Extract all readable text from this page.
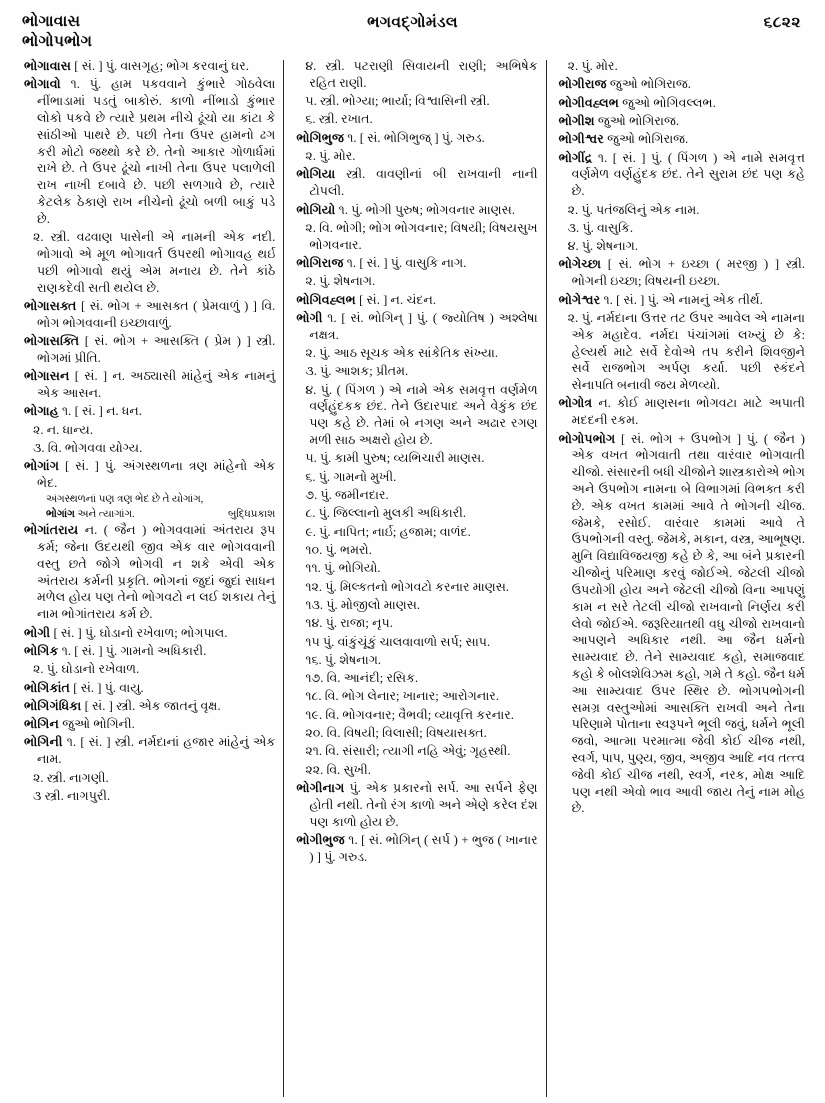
ભોગાવાસ
ભોગોપભોગ
ભગવદ્‌ગોમંડલ	૬૮૨૨

ભોગાવાસ [ સં. ] પું. વાસગૃહ; ભોગ કરવાનું ઘર.

ભોગાવો ૧. પું. હામ પકવવાને કુંભારે ગોઠવેલા નીંભાડામાં પડતું બાકોરું. કાળો નીંભાડો કુંભાર લોકો પકવે છે ત્યારે પ્રથમ નીચે ઢૂંચો યા કાંટા કે સાંઠીઓ પાથરે છે. પછી તેના ઉપર હામનો ઢગ કરી મોટો જથ્થો કરે છે. તેનો આકાર ગોળાર્ધમાં રાખે છે. તે ઉપર ઢૂંચો નાખી તેના ઉપર પલાળેલી રાખ નાખી દબાવે છે. પછી સળગાવે છે, ત્યારે કેટલેક ઠેકાણે રાખ નીચેનો ઢૂંચો બળી બાકું પડે છે.

૨. સ્ત્રી. વઢવાણ પાસેની એ નામની એક નદી. ભોગાવો એ મૂળ ભોગાવર્ત ઉપરથી ભોગાવહ થર્ઇ પછી ભોગાવો થયું એમ મનાય છે. તેને કાંઠે રાણકદેવી સતી થયેલ છે.

ભોગાસક્ત [ સં. ભોગ + આસક્ત ( પ્રેમવાળું ) ] વિ. ભોગ ભોગવવાની ઇચ્છાવાળું.

ભોગાસક્તિ [ સં. ભોગ + આસક્તિ ( પ્રેમ ) ] સ્ત્રી. ભોગમાં પ્રીતિ.

ભોગાસન [ સં. ] ન. અઠ્યાસી માંહેનું એક નામનું એક આસન.

ભોગાહ ૧. [ સં. ] ન. ધન.

૨. ન. ધાન્ય.

૩. વિ. ભોગવવા યોગ્ય.

ભોગાંગ [ સં. ] પું. અંગસ્થળના ત્રણ માંહેનો એક ભેદ.

અંગસ્થળનાં પણ ત્રણ ભેદ છે તે યોગાંગ,

ભોગાંગ અને ત્યાગાંગ.	બુદ્ધિપ્રકાશ

ભોગાંતરાય ન. ( જૈન ) ભોગવવામાં અંતરાય રૂપ કર્મ; જેના ઉદયથી જીવ એક વાર ભોગવવાની વસ્તુ છતે જોગે ભોગવી ન શકે એવી એક અંતરાય કર્મની પ્રકૃતિ. ભોગનાં જુદાં જુદાં સાધન મળેલ હોય પણ તેનો ભોગવટો ન લઈ શકાય તેનું નામ ભોગાંતરાય કર્મ છે.

ભોગી [ સં. ] પું. ઘોડાનો રખેવાળ; ભોગપાલ.

ભોગિક ૧. [ સં. ] પું. ગામનો અધિકારી.

૨. પું. ઘોડાનો રખેવાળ.

ભોગિકાંત [ સં. ] પું. વાયુ.

ભોગિગંધિકા [ સં. ] સ્ત્રી. એક જાતનું વૃક્ષ.

ભોગિન જુઓ ભોગિની.

ભોગિની ૧. [ સં. ] સ્ત્રી. નર્મદાનાં હજાર માંહેનું એક નામ.

૨. સ્ત્રી. નાગણી.

૩ સ્ત્રી. નાગપુરી.

૪. સ્ત્રી. પટરાણી સિવાયની રાણી; અભિષેક રહિત રાણી.

૫. સ્ત્રી. ભોગ્યા; ભાર્યા; વિશ્વાસિની સ્ત્રી.

૬. સ્ત્રી. રખાત.

ભોગિભુજ ૧. [ સં. ભોગિભુજ્‌ ] પું. ગરુડ.

૨. પું. મોર.

ભોગિયા સ્ત્રી. વાવણીનાં બી રાખવાની નાની ટોપલી.

ભોગિયો ૧. પું. ભોગી પુરુષ; ભોગવનાર માણસ.

૨. વિ. ભોગી; ભોગ ભોગવનાર; વિષયી; વિષયસુખ ભોગવનાર.

ભોગિરાજ ૧. [ સં. ] પું. વાસુકિ નાગ.

૨. પું. શેષનાગ.

ભોગિવહ્લભ [ સં. ] ન. ચંદન.

ભોગી ૧. [ સં. ભોગિન્‌ ] પું. ( જ્યોતિષ ) અશ્લેષા નક્ષત્ર.

૨. પું. આઠ સૂચક એક સાંકેતિક સંખ્યા.

૩. પું. આશક; પ્રીતમ.

૪. પું. ( પિંગળ ) એ નામે એક સમવૃત્ત વર્ણમેળ વર્ણહુંદકક છંદ. તેને ઉદારપાદ અને વેકુંક છંદ પણ કહે છે. તેમાં બે નગણ અને અઢાર રગણ મળી સાઠ અક્ષરો હોય છે.

૫. પું. કામી પુરુષ; વ્યભિચારી માણસ.

૬. પું. ગામનો મુખી.

૭. પું. જમીનદાર.

૮. પું. જિલ્લાનો મુલકી અધિકારી.

૯. પું. નાપિત; નાર્ઇ; હજામ; વાળંદ.

૧૦. પું. ભમરો.

૧૧. પું. ભોગિયો.

૧૨. પું. મિલ્કતનો ભોગવટો કરનાર માણસ.

૧૩. પું. મોજીલો માણસ.

૧૪. પું. રાજા; નૃપ.

૧૫ પું. વાંકુંચૂંકું ચાલવાવાળો સર્પ; સાપ.

૧૬. પું. શેષનાગ.

૧૭. વિ. આનંદી; રસિક.

૧૮. વિ. ભોગ લેનાર; ખાનાર; આરોગનાર.

૧૯. વિ. ભોગવનાર; વૈભવી; વ્યાવૃત્તિ કરનાર.

૨૦. વિ. વિષયી; વિલાસી; વિષયાસક્ત.

૨૧. વિ. સંસારી; ત્યાગી નહિ એવું; ગૃહસ્થી.

૨૨. વિ. સુખી.

ભોગીનાગ પું. એક પ્રકારનો સર્પ. આ સર્પને ફેણ હોતી નથી. તેનો રંગ કાળો અને એણે કરેલ દંશ પણ કાળો હોય છે.

ભોગીભુજ ૧. [ સં. ભોગિન્‌ ( સર્પ ) + ભુજ ( ખાનાર ) ] પું. ગરુડ.

૨. પું. મોર.

ભોગીરાજ જુઓ ભોગિરાજ.

ભોગીવહ્લભ જુઓ ભોગિવલ્લભ.

ભોગીશ જુઓ ભોગિરાજ.

ભોગીશ્વર જુઓ ભોગિરાજ.

ભોગીંદ્ર ૧. [ સં. ] પું. ( પિંગળ ) એ નામે સમવૃત્ત વર્ણમેળ વર્ણહુંદક છંદ. તેને સુરામ છંદ પણ કહે છે.

૨. પું. પતંજલિનું એક નામ.

૩. પું. વાસુકિ.

૪. પું. શેષનાગ.

ભોગેચ્છા [ સં. ભોગ + ઇચ્છા ( મરજી ) ] સ્ત્રી. ભોગની ઇચ્છા; વિષયની ઇચ્છા.

ભોગેશ્વર ૧. [ સં. ] પું. એ નામનું એક તીર્થ.

૨. પું. નર્મદાના ઉત્તર તટ ઉપર આવેલ એ નામના એક મહાદેવ. નર્મદા પંચાંગમાં લખ્યું છે કે: હેલ્યર્થ માટે સર્વે દેવોએ તપ કરીને શિવજીને સર્વે રાજભોગ અર્પણ કર્યા. પછી સ્કંદને સેનાપતિ બનાવી જય મેળવ્યો.

ભોગોત્ર ન. કોઈ માણસના ભોગવટા માટે અપાતી મદદની રકમ.

ભોગોપભોગ [ સં. ભોગ + ઉપભોગ ] પું. ( જૈન ) એક વખત ભોગવાતી તથા વારંવાર ભોગવાતી ચીજો. સંસારની બધી ચીજોને શાસ્ત્રકારોએ ભોગ અને ઉપભોગ નામના બે વિભાગમાં વિભક્ત કરી છે. એક વખત કામમાં આવે તે ભોગની ચીજ. જેમકે, રસોઈ. વારંવાર કામમાં આવે તે ઉપભોગની વસ્તુ. જેમકે, મકાન, વસ્ત્ર, આભૂષણ. મુનિ વિદ્યાવિજયજી કહે છે કે, આ બંને પ્રકારની ચીજોનું પરિમાણ કરવું જોઈએ. જેટલી ચીજો ઉપયોગી હોય અને જેટલી ચીજો વિના આપણું કામ ન સરે તેટલી ચીજો રાખવાનો નિર્ણય કરી લેવો જોઈએ. જરૂરિયાતથી વધુ ચીજો રાખવાનો આપણને અધિકાર નથી. આ જૈન ધર્મનો સામ્યવાદ છે. તેને સામ્યવાદ કહો, સમાજવાદ કહો કે બોલશેવિઝમ કહો, ગમે તે કહો. જૈન ધર્મ આ સામ્યવાદ ઉપર સ્થિર છે. ભોગપભોગની સમગ્ર વસ્તુઓમાં આસક્તિ રાખવી અને તેના પરિણામે પોતાના સ્વરૂપને ભૂલી જવું, ધર્મને ભૂલી જવો, આત્મા પરમાત્મા જેવી કોઈ ચીજ નથી, સ્વર્ગ, પાપ, પુણ્ય, જીવ, અજીવ આદિ નવ તત્ત્વ જેવી કોઈ ચીજ નથી, સ્વર્ગ, નરક, મોક્ષ આદિ પણ નથી એવો ભાવ આવી જાય તેનું નામ મોહ છે.
